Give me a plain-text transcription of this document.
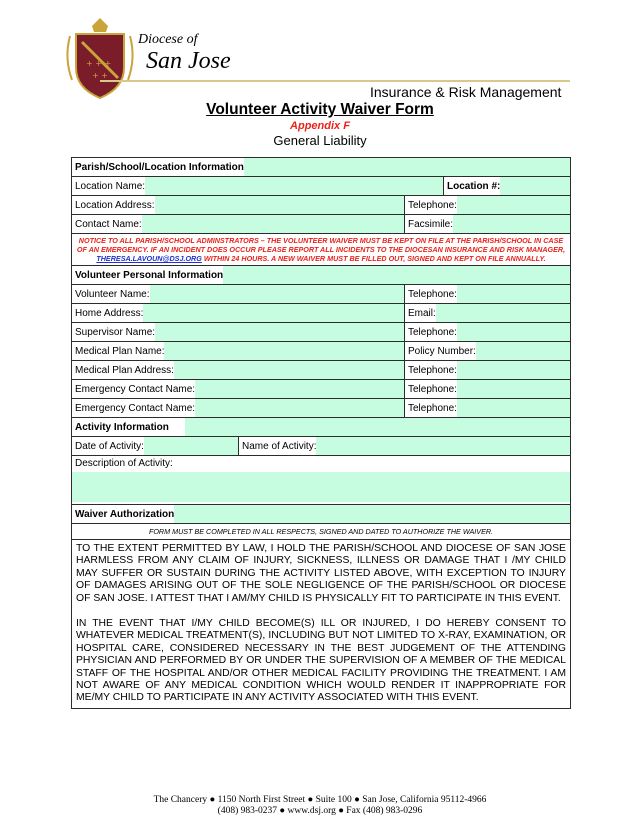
+ + +
+ +
Diocese of
San Jose
Insurance & Risk Management
Volunteer Activity Waiver Form
Appendix F
General Liability
Parish/School/Location Information
Location Name:	Location #:
Location Address:	Telephone:
Contact Name:	Facsimile:
NOTICE TO ALL PARISH/SCHOOL ADMINSTRATORS – THE VOLUNTEER WAIVER MUST BE KEPT ON FILE AT THE PARISH/SCHOOL IN CASE OF AN EMERGENCY. IF AN INCIDENT DOES OCCUR PLEASE REPORT ALL INCIDENTS TO THE DIOCESAN INSURANCE AND RISK MANAGER, THERESA.LAVOUN@DSJ.ORG WITHIN 24 HOURS. A NEW WAIVER MUST BE FILLED OUT, SIGNED AND KEPT ON FILE ANNUALLY.
Volunteer Personal Information
Volunteer Name:	Telephone:
Home Address:	Email:
Supervisor Name:	Telephone:
Medical Plan Name:	Policy Number:
Medical Plan Address:	Telephone:
Emergency Contact Name:	Telephone:
Emergency Contact Name:	Telephone:
Activity Information
Date of Activity:	Name of Activity:
Description of Activity:
Waiver Authorization
FORM MUST BE COMPLETED IN ALL RESPECTS, SIGNED AND DATED TO AUTHORIZE THE WAIVER.

TO THE EXTENT PERMITTED BY LAW, I HOLD THE PARISH/SCHOOL AND DIOCESE OF SAN JOSE HARMLESS FROM ANY CLAIM OF INJURY, SICKNESS, ILLNESS OR DAMAGE THAT I /MY CHILD MAY SUFFER OR SUSTAIN DURING THE ACTIVITY LISTED ABOVE, WITH EXCEPTION TO INJURY OF DAMAGES ARISING OUT OF THE SOLE NEGLIGENCE OF THE PARISH/SCHOOL OR DIOCESE OF SAN JOSE. I ATTEST THAT I AM/MY CHILD IS PHYSICALLY FIT TO PARTICIPATE IN THIS EVENT.

IN THE EVENT THAT I/MY CHILD BECOME(S) ILL OR INJURED, I DO HEREBY CONSENT TO WHATEVER MEDICAL TREATMENT(S), INCLUDING BUT NOT LIMITED TO X-RAY, EXAMINATION, OR HOSPITAL CARE, CONSIDERED NECESSARY IN THE BEST JUDGEMENT OF THE ATTENDING PHYSICIAN AND PERFORMED BY OR UNDER THE SUPERVISION OF A MEMBER OF THE MEDICAL STAFF OF THE HOSPITAL AND/OR OTHER MEDICAL FACILITY PROVIDING THE TREATMENT. I AM NOT AWARE OF ANY MEDICAL CONDITION WHICH WOULD RENDER IT INAPPROPRIATE FOR ME/MY CHILD TO PARTICIPATE IN ANY ACTIVITY ASSOCIATED WITH THIS EVENT.

The Chancery ● 1150 North First Street ● Suite 100 ● San Jose, California 95112-4966
(408) 983-0237 ● www.dsj.org ● Fax (408) 983-0296
